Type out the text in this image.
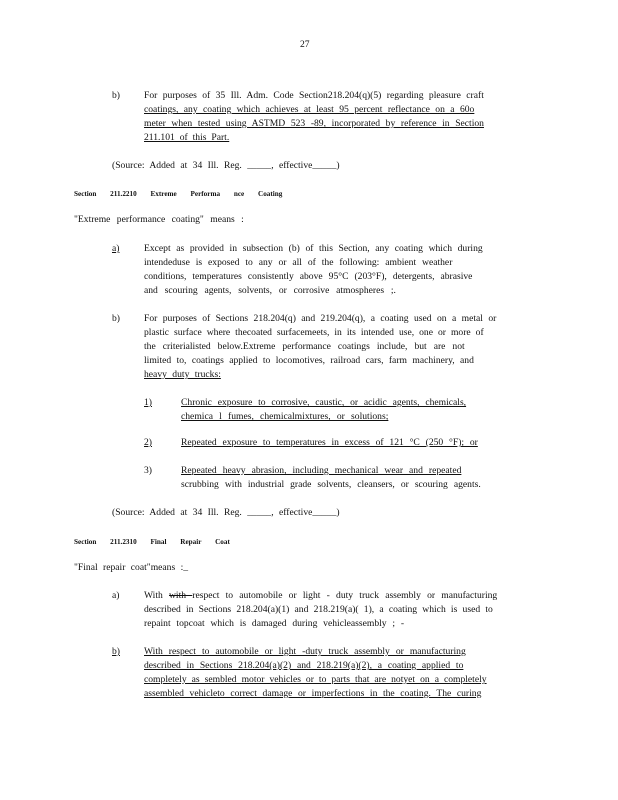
27
b)	For purposes of 35 Ill. Adm. Code Section218.204(q)(5) regarding pleasure craft
coatings, any coating which achieves at least 95 percent reflectance on a 60o
meter when tested using ASTMD 523 -89, incorporated by reference in Section
211.101 of this Part.
(Source: Added at 34 Ill. Reg. _____, effective_____)
Section 211.2210 Extreme Performa nce Coating
"Extreme performance coating" means :
a)	Except as provided in subsection (b) of this Section, any coating which during
intendeduse is exposed to any or all of the following: ambient weather
conditions, temperatures consistently above 95°C (203°F), detergents, abrasive
and scouring agents, solvents, or corrosive atmospheres ;.
b)	For purposes of Sections 218.204(q) and 219.204(q), a coating used on a metal or
plastic surface where thecoated surfacemeets, in its intended use, one or more of
the criterialisted below.Extreme performance coatings include, but are not
limited to, coatings applied to locomotives, railroad cars, farm machinery, and
heavy duty trucks:
1)	Chronic exposure to corrosive, caustic, or acidic agents, chemicals,
chemica l fumes, chemicalmixtures, or solutions;
2)	Repeated exposure to temperatures in excess of 121 °C (250 °F); or
3)	Repeated heavy abrasion, including mechanical wear and repeated
scrubbing with industrial grade solvents, cleansers, or scouring agents.
(Source: Added at 34 Ill. Reg. _____, effective_____)
Section 211.2310 Final Repair Coat
"Final repair coat"means :_
a)	With with respect to automobile or light - duty truck assembly or manufacturing
described in Sections 218.204(a)(1) and 218.219(a)( 1), a coating which is used to
repaint topcoat which is damaged during vehicleassembly ; -
b)	With respect to automobile or light -duty truck assembly or manufacturing
described in Sections 218.204(a)(2) and 218.219(a)(2), a coating applied to
completely as sembled motor vehicles or to parts that are notyet on a completely
assembled vehicleto correct damage or imperfections in the coating. The curing
